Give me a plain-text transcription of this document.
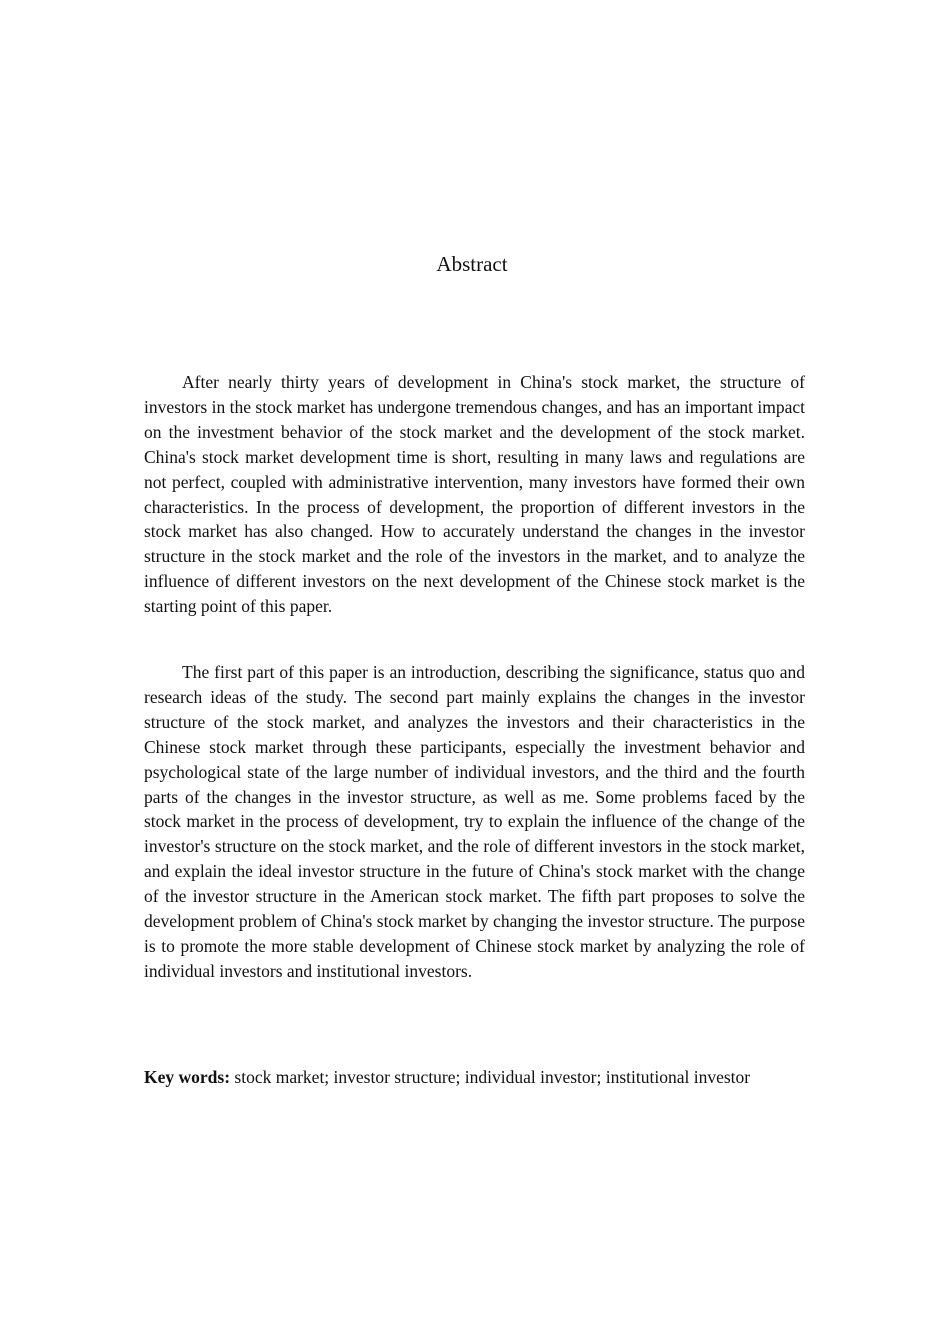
Abstract

After nearly thirty years of development in China's stock market, the structure of investors in the stock market has undergone tremendous changes, and has an important impact on the investment behavior of the stock market and the development of the stock market. China's stock market development time is short, resulting in many laws and regulations are not perfect, coupled with administrative intervention, many investors have formed their own characteristics. In the process of development, the proportion of different investors in the stock market has also changed. How to accurately understand the changes in the investor structure in the stock market and the role of the investors in the market, and to analyze the influence of different investors on the next development of the Chinese stock market is the starting point of this paper.

The first part of this paper is an introduction, describing the significance, status quo and research ideas of the study. The second part mainly explains the changes in the investor structure of the stock market, and analyzes the investors and their characteristics in the Chinese stock market through these participants, especially the investment behavior and psychological state of the large number of individual investors, and the third and the fourth parts of the changes in the investor structure, as well as me. Some problems faced by the stock market in the process of development, try to explain the influence of the change of the investor's structure on the stock market, and the role of different investors in the stock market, and explain the ideal investor structure in the future of China's stock market with the change of the investor structure in the American stock market. The fifth part proposes to solve the development problem of China's stock market by changing the investor structure. The purpose is to promote the more stable development of Chinese stock market by analyzing the role of individual investors and institutional investors.

Key words: stock market; investor structure; individual investor; institutional investor
